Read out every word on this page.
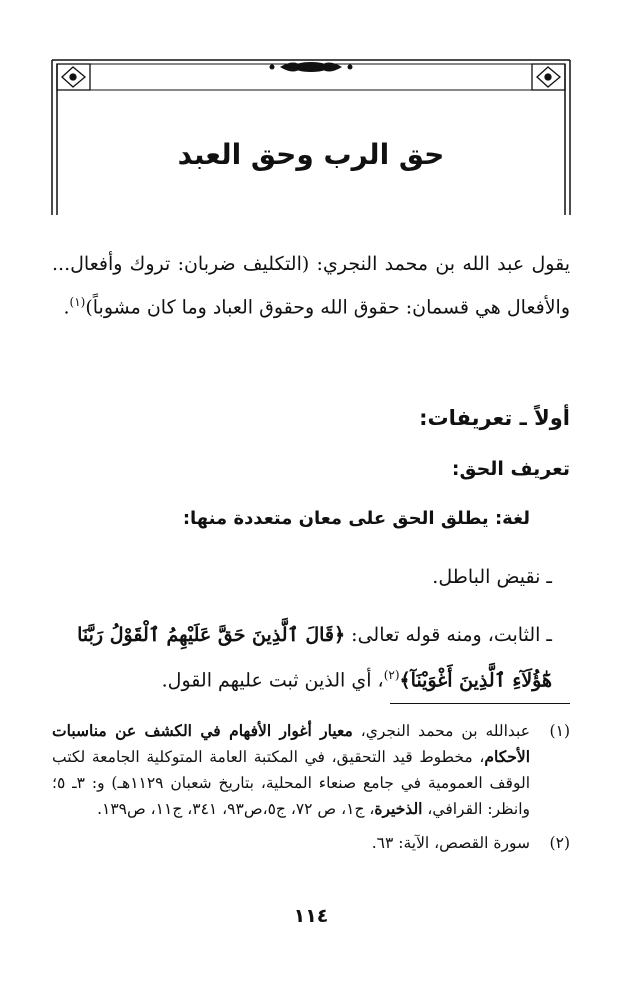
حق الرب وحق العبد

يقول عبد الله بن محمد النجري: (التكليف ضربان: تروك وأفعال... والأفعال هي قسمان: حقوق الله وحقوق العباد وما كان مشوباً)$^{(١)}$.

أولاً ـ تعريفات:
تعريف الحق:
لغة: يطلق الحق على معان متعددة منها:
ـ نقيض الباطل.

ـ الثابت، ومنه قوله تعالى: ﴿قَالَ ٱلَّذِينَ حَقَّ عَلَيْهِمُ ٱلْقَوْلُ رَبَّنَا هَٰٓؤُلَآءِ ٱلَّذِينَ أَغْوَيْنَآ﴾$^{(٢)}$، أي الذين ثبت عليهم القول.

(١)
عبدالله بن محمد النجري، معيار أغوار الأفهام في الكشف عن مناسبات الأحكام، مخطوط قيد التحقيق، في المكتبة العامة المتوكلية الجامعة لكتب الوقف العمومية في جامع صنعاء المحلية، بتاريخ شعبان ١١٢٩هـ) و: ٣ـ ٥؛ وانظر: القرافي، الذخيرة، ج١، ص ٧٢، ج٥،ص٩٣، ٣٤١، ج١١، ص١٣٩.
(٢)
سورة القصص، الآية: ٦٣.
١١٤
